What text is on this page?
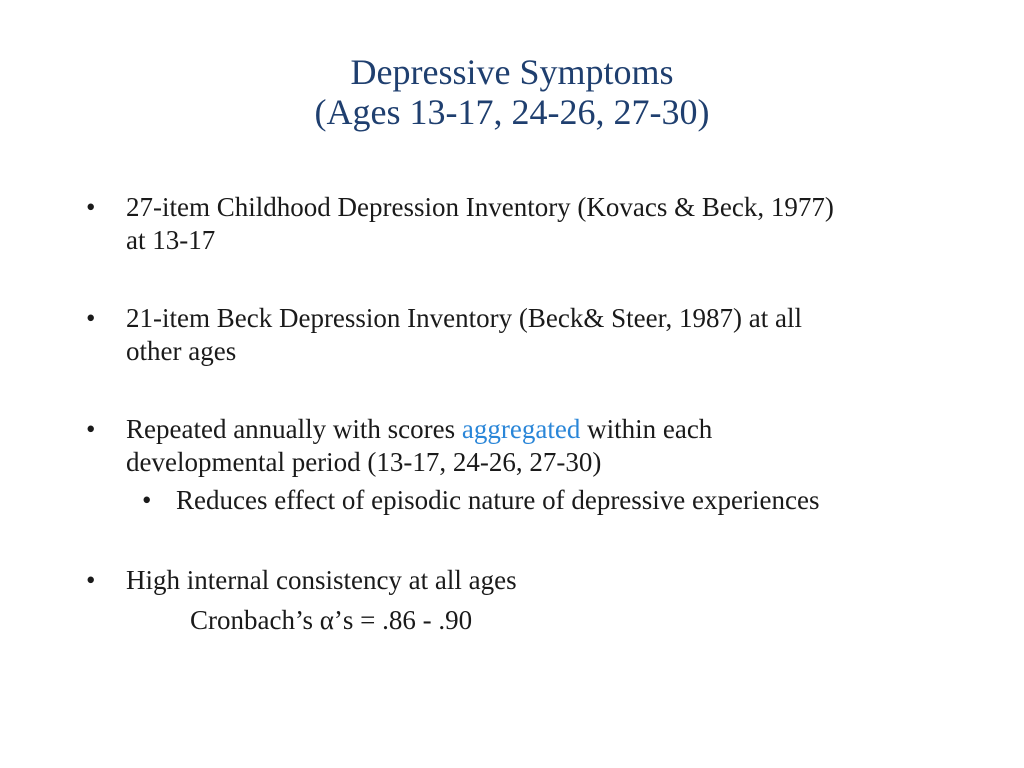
Depressive Symptoms
(Ages 13-17, 24-26, 27-30)
• 27-item Childhood Depression Inventory (Kovacs & Beck, 1977)
at 13-17
• 21-item Beck Depression Inventory (Beck& Steer, 1987) at all
other ages
• Repeated annually with scores aggregated within each
developmental period (13-17, 24-26, 27-30)
• Reduces effect of episodic nature of depressive experiences
• High internal consistency at all ages
Cronbach’s α’s = .86 - .90
